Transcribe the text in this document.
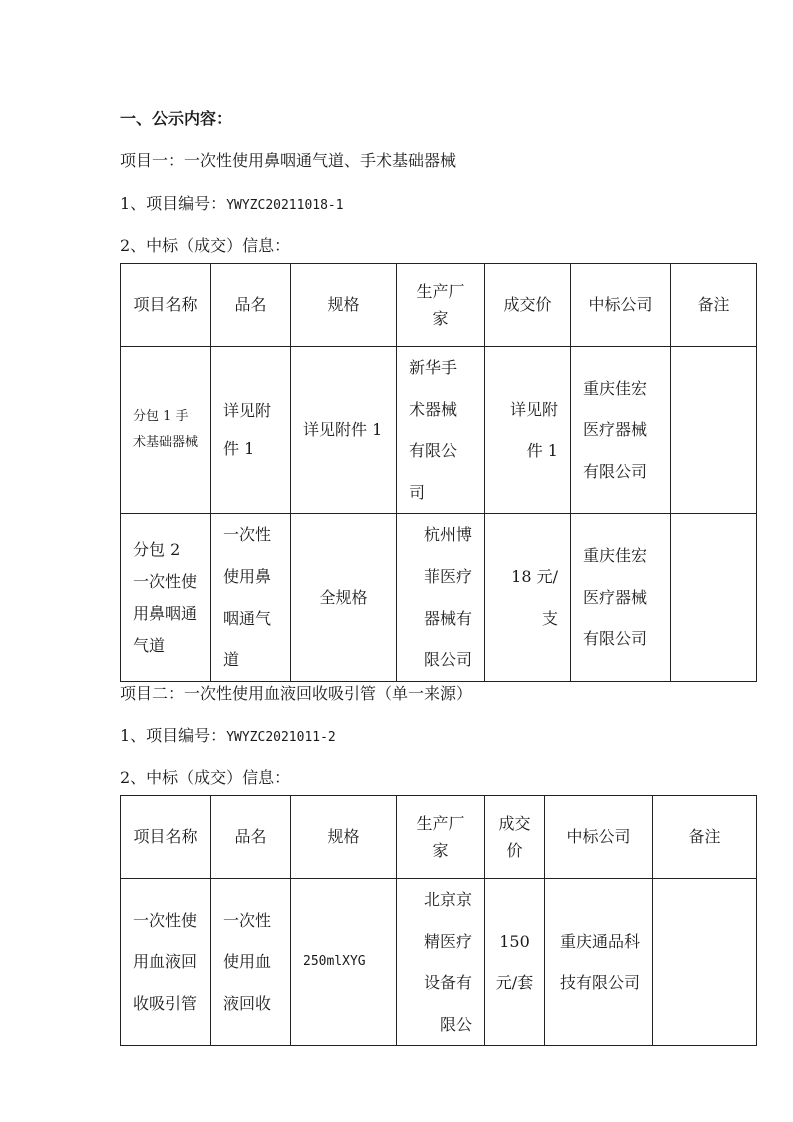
一、公示内容：
项目一：一次性使用鼻咽通气道、手术基础器械
1、项目编号：YWYZC20211018-1
2、中标（成交）信息：
项目名称	品名	规格	生产厂家	成交价	中标公司	备注
分包 1 手术基础器械	详见附件 1	详见附件 1	新华手术器械有限公司	详见附件 1	重庆佳宏医疗器械有限公司	
分包 2 一次性使用鼻咽通气道	一次性使用鼻咽通气道	全规格	杭州博菲医疗器械有限公司	18 元/支	重庆佳宏医疗器械有限公司	
项目二：一次性使用血液回收吸引管（单一来源）
1、项目编号：YWYZC2021011-2
2、中标（成交）信息：
项目名称	品名	规格	生产厂家	成交价	中标公司	备注
一次性使用血液回收吸引管	一次性使用血液回收	250mlXYG	北京京精医疗设备有限公	150 元/套	重庆通品科技有限公司	
